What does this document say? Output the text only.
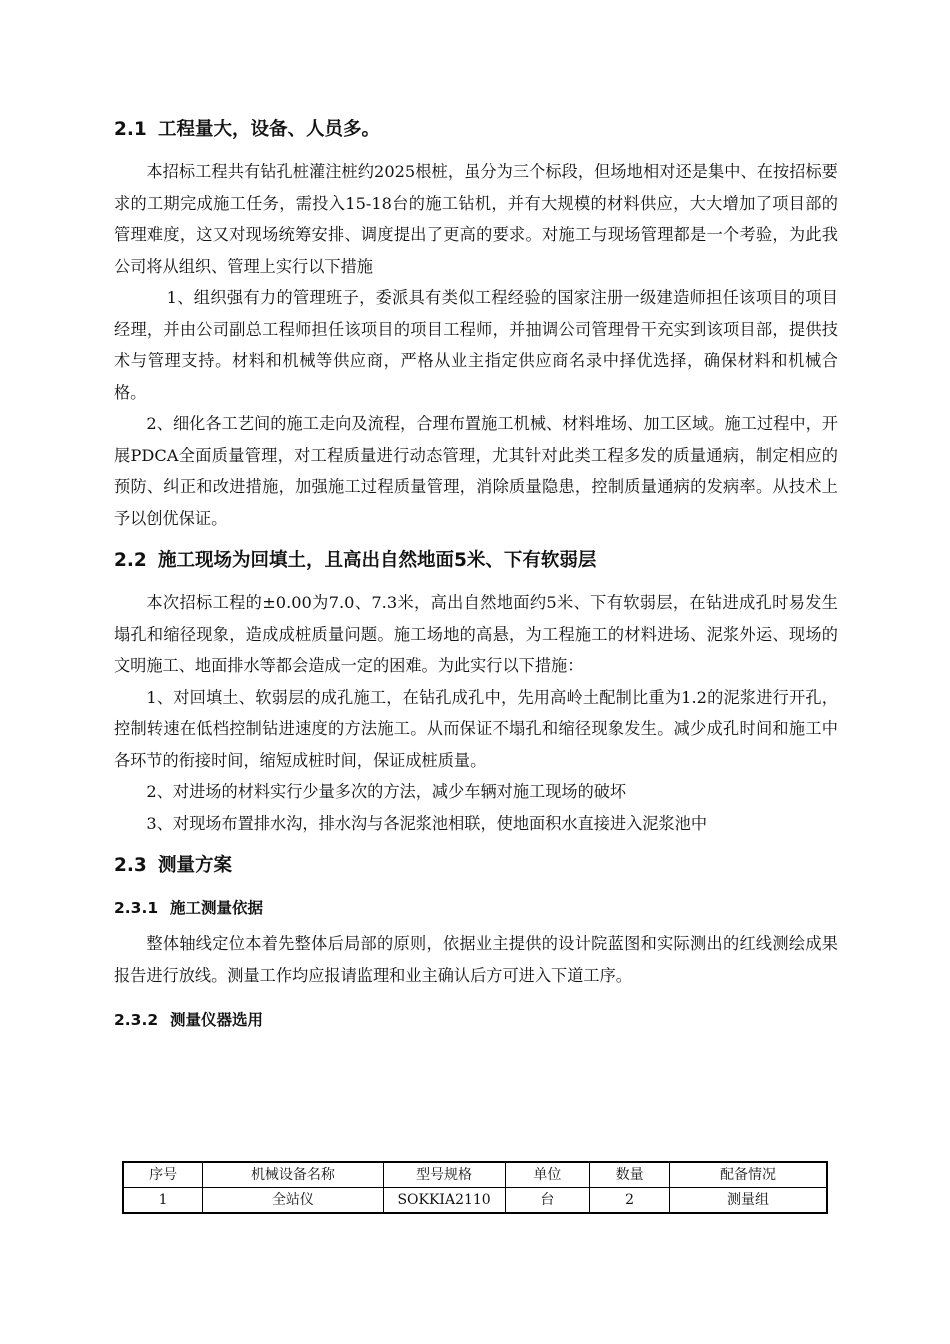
2.1 工程量大，设备、人员多。

本招标工程共有钻孔桩灌注桩约2025根桩，虽分为三个标段，但场地相对还是集中、在按招标要求的工期完成施工任务，需投入15-18台的施工钻机，并有大规模的材料供应，大大增加了项目部的管理难度，这又对现场统筹安排、调度提出了更高的要求。对施工与现场管理都是一个考验，为此我公司将从组织、管理上实行以下措施

1、组织强有力的管理班子，委派具有类似工程经验的国家注册一级建造师担任该项目的项目经理，并由公司副总工程师担任该项目的项目工程师，并抽调公司管理骨干充实到该项目部，提供技术与管理支持。材料和机械等供应商，严格从业主指定供应商名录中择优选择，确保材料和机械合格。

2、细化各工艺间的施工走向及流程，合理布置施工机械、材料堆场、加工区域。施工过程中，开展PDCA全面质量管理，对工程质量进行动态管理，尤其针对此类工程多发的质量通病，制定相应的预防、纠正和改进措施，加强施工过程质量管理，消除质量隐患，控制质量通病的发病率。从技术上予以创优保证。

2.2 施工现场为回填土，且高出自然地面5米、下有软弱层

本次招标工程的±0.00为7.0、7.3米，高出自然地面约5米、下有软弱层，在钻进成孔时易发生塌孔和缩径现象，造成成桩质量问题。施工场地的高悬，为工程施工的材料进场、泥浆外运、现场的文明施工、地面排水等都会造成一定的困难。为此实行以下措施：

1、对回填土、软弱层的成孔施工，在钻孔成孔中，先用高岭土配制比重为1.2的泥浆进行开孔，控制转速在低档控制钻进速度的方法施工。从而保证不塌孔和缩径现象发生。减少成孔时间和施工中各环节的衔接时间，缩短成桩时间，保证成桩质量。

2、对进场的材料实行少量多次的方法，减少车辆对施工现场的破坏

3、对现场布置排水沟，排水沟与各泥浆池相联，使地面积水直接进入泥浆池中

2.3 测量方案
2.3.1 施工测量依据

整体轴线定位本着先整体后局部的原则，依据业主提供的设计院蓝图和实际测出的红线测绘成果报告进行放线。测量工作均应报请监理和业主确认后方可进入下道工序。

2.3.2 测量仪器选用
序号	机械设备名称	型号规格	单位	数量	配备情况
1	全站仪	SOKKIA2110	台	2	测量组
